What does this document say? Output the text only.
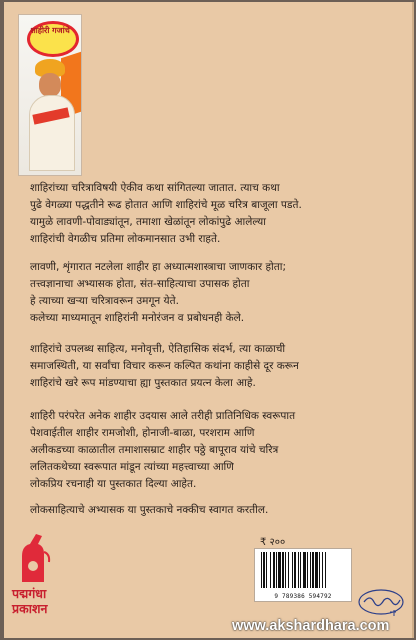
शाहीरी गजांचे

शाहिरांच्या चरित्राविषयी ऐकीव कथा सांगितल्या जातात. त्याच कथा
पुढे वेगळ्या पद्धतीने रूढ होतात आणि शाहिरांचे मूळ चरित्र बाजूला पडते.
यामुळे लावणी-पोवाड्यांतून, तमाशा खेळांतून लोकांपुढे आलेल्या
शाहिरांची वेगळीच प्रतिमा लोकमानसात उभी राहते.

लावणी, शृंगारात नटलेला शाहीर हा अध्यात्मशास्त्राचा जाणकार होता;
तत्त्वज्ञानाचा अभ्यासक होता, संत-साहित्याचा उपासक होता
हे त्याच्या खऱ्या चरित्रावरून उमगून येते.
कलेच्या माध्यमातून शाहिरांनी मनोरंजन व प्रबोधनही केले.

शाहिरांचे उपलब्ध साहित्य, मनोवृत्ती, ऐतिहासिक संदर्भ, त्या काळाची
समाजस्थिती, या सर्वांचा विचार करून कल्पित कथांना काहीसे दूर करून
शाहिरांचे खरे रूप मांडण्याचा ह्या पुस्तकात प्रयत्न केला आहे.

शाहिरी परंपरेत अनेक शाहीर उदयास आले तरीही प्रातिनिधिक स्वरूपात
पेशवाईतील शाहीर रामजोशी, होनाजी-बाळा, परशराम आणि
अलीकडच्या काळातील तमाशासम्राट शाहीर पठ्ठे बापूराव यांचे चरित्र
ललितकथेच्या स्वरूपात मांडून त्यांच्या महत्त्वाच्या आणि
लोकप्रिय रचनाही या पुस्तकात दिल्या आहेत.

लोकसाहित्याचे अभ्यासक या पुस्तकाचे नक्कीच स्वागत करतील.

पद्मगंधा
प्रकाशन
₹ २००
9 789386 594792
www.akshardhara.com
